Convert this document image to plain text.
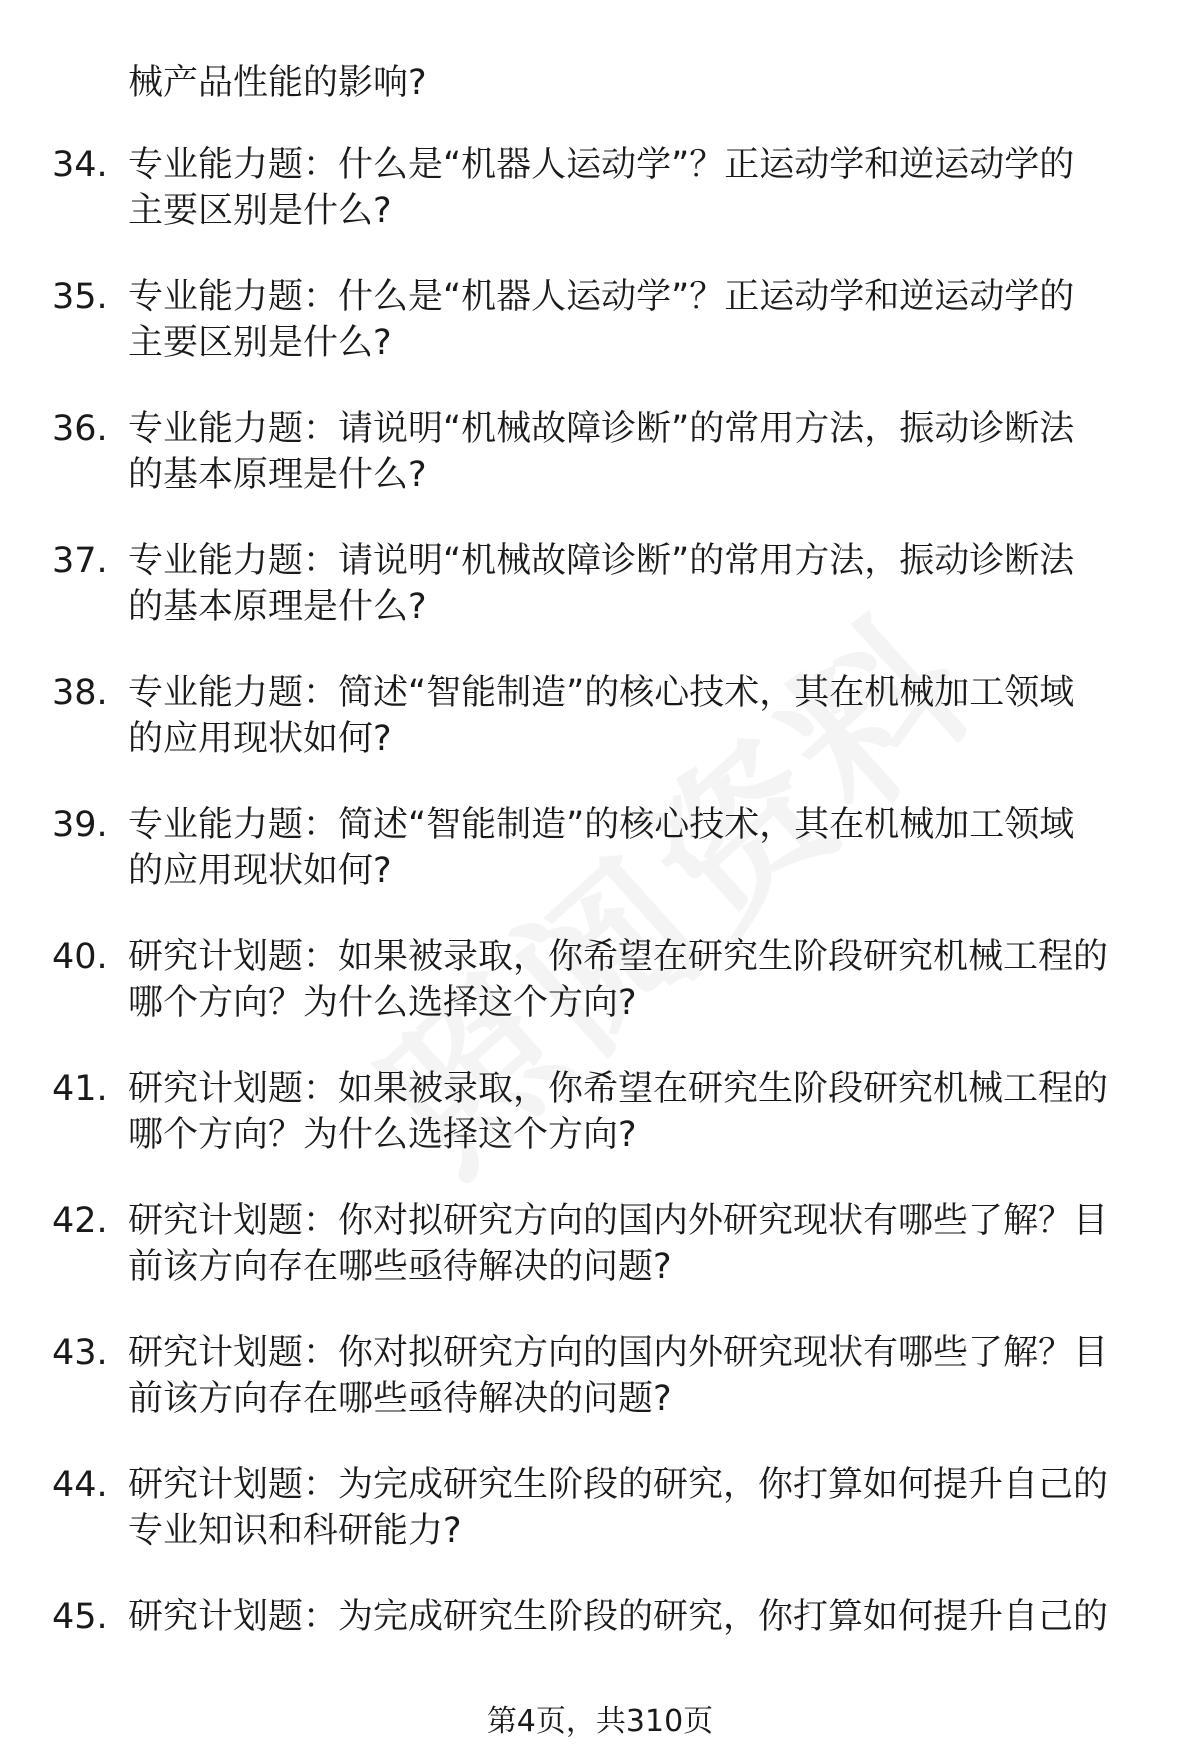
械产品性能的影响?
34. 专业能力题：什么是“机器人运动学”？正运动学和逆运动学的
主要区别是什么?
35. 专业能力题：什么是“机器人运动学”？正运动学和逆运动学的
主要区别是什么?
36. 专业能力题：请说明“机械故障诊断”的常用方法，振动诊断法
的基本原理是什么?
37. 专业能力题：请说明“机械故障诊断”的常用方法，振动诊断法
的基本原理是什么?
38. 专业能力题：简述“智能制造”的核心技术，其在机械加工领域
的应用现状如何?
39. 专业能力题：简述“智能制造”的核心技术，其在机械加工领域
的应用现状如何?
40. 研究计划题：如果被录取，你希望在研究生阶段研究机械工程的
哪个方向？为什么选择这个方向?
41. 研究计划题：如果被录取，你希望在研究生阶段研究机械工程的
哪个方向？为什么选择这个方向?
42. 研究计划题：你对拟研究方向的国内外研究现状有哪些了解？目
前该方向存在哪些亟待解决的问题?
43. 研究计划题：你对拟研究方向的国内外研究现状有哪些了解？目
前该方向存在哪些亟待解决的问题?
44. 研究计划题：为完成研究生阶段的研究，你打算如何提升自己的
专业知识和科研能力?
45. 研究计划题：为完成研究生阶段的研究，你打算如何提升自己的
第4页，共310页
